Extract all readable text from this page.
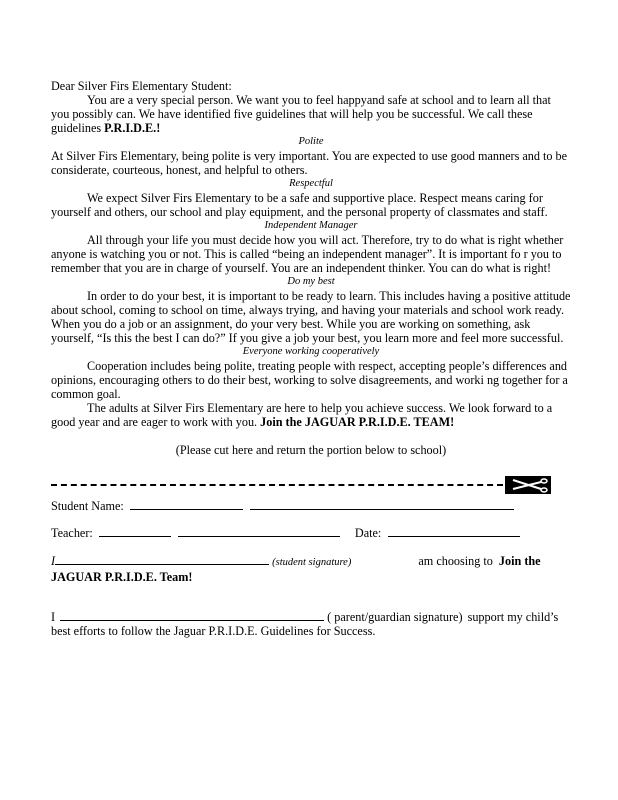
Dear Silver Firs Elementary Student:

You are a very special person. We want you to feel happyand safe at school and to learn all that you possibly can. We have identified five guidelines that will help you be successful. We call these guidelines P.R.I.D.E.!

Polite

At Silver Firs Elementary, being polite is very important. You are expected to use good manners and to be considerate, courteous, honest, and helpful to others.

Respectful

We expect Silver Firs Elementary to be a safe and supportive place. Respect means caring for yourself and others, our school and play equipment, and the personal property of classmates and staff.

Independent Manager

All through your life you must decide how you will act. Therefore, try to do what is right whether anyone is watching you or not. This is called “being an independent manager”. It is important fo r you to remember that you are in charge of yourself. You are an independent thinker. You can do what is right!

Do my best

In order to do your best, it is important to be ready to learn. This includes having a positive attitude about school, coming to school on time, always trying, and having your materials and school work ready. When you do a job or an assignment, do your very best. While you are working on something, ask yourself, “Is this the best I can do?” If you give a job your best, you learn more and feel more successful.

Everyone working cooperatively

Cooperation includes being polite, treating people with respect, accepting people’s differences and opinions, encouraging others to do their best, working to solve disagreements, and worki ng together for a common goal.

The adults at Silver Firs Elementary are here to help you achieve success. We look forward to a good year and are eager to work with you. Join the JAGUAR P.R.I.D.E. TEAM!

(Please cut here and return the portion below to school)

Student Name:
Teacher:	Date:
I	(student signature)	am choosing to Join the
JAGUAR P.R.I.D.E. Team!
I	( parent/guardian signature) support my child’s
best efforts to follow the Jaguar P.R.I.D.E. Guidelines for Success.
